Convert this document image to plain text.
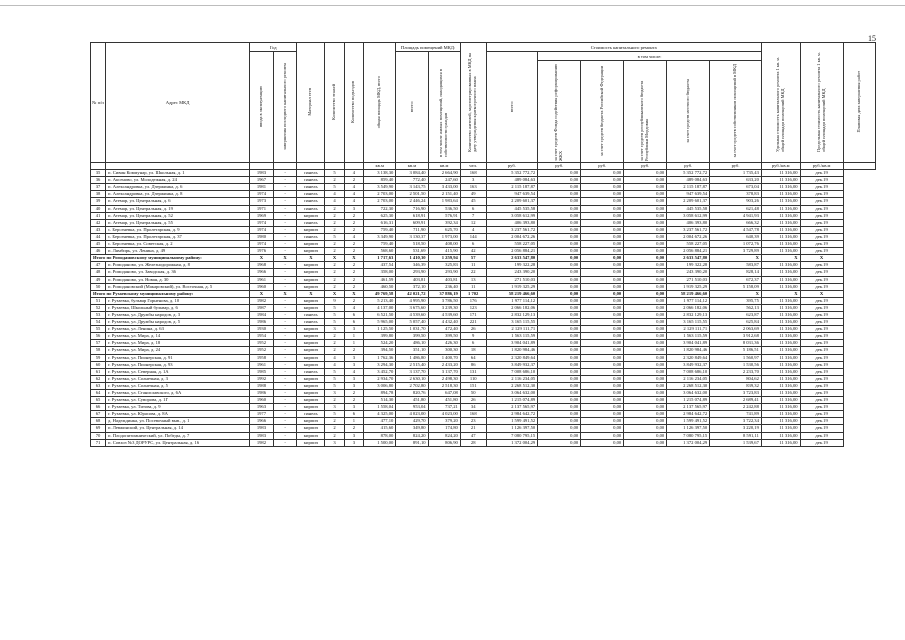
15
№ п/п	Адрес МКД	Год		Материал стен	Количество этажей	Количество подъездов	общая площадь МКД, всего	Площадь помещений МКД:		Количество жителей, зарегистрированных в МКД на дату утверждения краткосрочного плана	Стоимость капитального ремонта						Удельная стоимость капитального ремонта 1 кв. м. общей площади помещений МКД	Предельная стоимость капитального ремонта 1 кв. м. общей площади помещений МКД	Плановая дата завершения работ
		ввода в эксплуатацию	завершения последнего капитального ремонта					всего:	в том числе жилых помещений, находящихся в собственности граждан		всего:	в том числе:							
												за счет средств Фонда содействия реформированию ЖКХ	за счет средств бюджета Российской Федерации	за счет средств республиканского бюджета Республики Мордовия	за счет средств местного бюджета	за счет средств собственников помещений в МКД			
							кв.м	кв.м	кв.м	чел.	руб.	руб.	руб.	руб.	руб.	руб.	руб./кв.м	руб./кв.м	
35	п. Сивин Коммунар, ул. Школьная, д. 1	1983	-	панель	5	4	3 138,30	3 084,40	2 664,90	168	5 352 772,72	0,00	0,00	0,00	5 352 772,72	1 735,43	11 316,00	дек.19	
36	п. Аксеново, ул. Молодежная, д. 24	1967	-	панель	2	2	859,40	772,40	247,60	3	489 084,63	0,00	0,00	0,00	489 084,63	633,20	11 316,00	дек.19	
37	п. Александровка, ул. Дзержинка, д. 6	1981	-	панель	5	4	3 549,90	3 143,75	3 433,00	163	2 115 187,87	0,00	0,00	0,00	2 115 187,87	673,04	11 316,00	дек.19	
38	п. Александровка, ул. Дзержинка, д. 8	1974	-	панель	4	4	2 703,00	2 501,50	2 151,40	49	947 639,54	0,00	0,00	0,00	947 639,54	378,83	11 316,00	дек.19	
39	п. Атемар, ул. Центральная, д. 6	1973	-	панель	4	4	2 703,00	2 446,24	1 983,64	45	2 209 601,37	0,00	0,00	0,00	2 209 601,37	903,26	11 316,00	дек.19	
40	п. Атемар, ул. Центральная, д. 19	1971	-	панель	2	3	722,30	716,90	536,50	6	445 535,58	0,00	0,00	0,00	445 535,58	621,48	11 316,00	дек.19	
41	п. Атемар, ул. Центральная, д. 52	1969	-	кирпич	2	2	625,30	618,91	576,91	7	3 058 612,99	0,00	0,00	0,00	3 058 612,99	4 941,93	11 316,00	дек.19	
42	п. Атемар, ул. Центральная, д. 55	1974	-	панель	2	2	616,31	609,91	392,34	12	406 393,80	0,00	0,00	0,00	406 393,80	666,32	11 316,00	дек.19	
43	с. Берсеневка, ул. Пролетарская, д. 9	1974	-	кирпич	2	2	759,40	711,90	625,70	4	3 237 561,72	0,00	0,00	0,00	3 237 561,72	4 547,78	11 316,00	дек.19	
44	с. Берсеневка, ул. Пролетарская, д. 37	1980	-	панель	5	4	3 349,90	3 130,37	1 973,00	144	2 004 672,26	0,00	0,00	0,00	2 004 672,26	640,39	11 316,00	дек.19	
45	с. Берсеневка, ул. Советская, д. 2	1974	-	кирпич	2	2	759,40	518,50	408,00	6	558 227,05	0,00	0,00	0,00	558 227,05	1 072,76	11 316,00	дек.19	
46	п. Лямбирь, ул. Ленина, д. 49	1976	-	кирпич	2	2	568,60	531,69	415,90	42	2 056 884,21	0,00	0,00	0,00	2 056 884,21	3 729,89	11 316,00	дек.19	
Итого по Ромодановскому муниципальному району:		X	X	X	X	X	1 717,63	1 410,30	1 259,94	57	2 633 547,80	0,00	0,00	0,00	2 633 547,80	X	X	X	
47	п. Ромоданово, ул. Железнодорожная, д. 8	1968	-	кирпич	2	2	437,54	346,39	325,83	11	199 322,28	0,00	0,00	0,00	199 322,28	583,87	11 316,00	дек.19	
48	п. Ромоданово, ул. Заводская, д. 36	1966	-	кирпич	2	2	358,00	293,90	293,90	22	243 390,20	0,00	0,00	0,00	243 390,20	828,14	11 316,00	дек.19	
49	п. Ромоданово, ул. Новая, д. 30	1961	-	кирпич	2	2	461,59	403,81	403,81	13	271 510,03	0,00	0,00	0,00	271 510,03	672,37	11 316,00	дек.19	
50	п. Ромодановский (Макаровский), ул. Восточная, д. 5	1960	-	кирпич	2	2	460,50	372,10	236,40	11	1 919 325,29	0,00	0,00	0,00	1 919 325,29	5 158,09	11 316,00	дек.19	
Итого по Рузаевскому муниципальному району:		X	X	X	X	X	49 769,58	42 021,72	37 886,19	1 702	58 219 466,60	0,00	0,00	0,00	58 219 466,60	X	X	X	
51	г. Рузаевка, бульвар Горненова, д. 10	1982	-	кирпич	9	2	5 213,40	4 995,90	3 786,50	176	1 977 114,12	0,00	0,00	0,00	1 977 114,12	395,75	11 316,00	дек.19	
52	г. Рузаевка, Школьный бульвар, д. 6	1987	-	кирпич	5	4	4 137,00	3 675,60	3 239,30	123	2 066 182,06	0,00	0,00	0,00	2 066 182,06	562,13	11 316,00	дек.19	
53	г. Рузаевка, ул. Дружбы народов, д. 3	1984	-	панель	5	6	6 521,50	4 539,60	4 539,60	171	2 832 129,13	0,00	0,00	0,00	2 832 129,13	623,87	11 316,00	дек.19	
54	г. Рузаевка, ул. Дружбы народов, д. 5	1986	-	панель	5	6	5 965,00	5 057,40	4 432,40	221	3 165 115,55	0,00	0,00	0,00	3 165 115,55	625,84	11 316,00	дек.19	
55	г. Рузаевка, ул. Ленина, д. 63	1930	-	кирпич	3	3	1 125,50	1 031,70	472,40	26	2 129 111,71	0,00	0,00	0,00	2 129 111,71	2 063,69	11 316,00	дек.19	
56	г. Рузаевка, ул. Мира, д. 14	1954	-	кирпич	2	1	399,80	399,50	399,50	9	1 563 115,59	0,00	0,00	0,00	1 563 115,59	3 912,68	11 316,00	дек.19	
57	г. Рузаевка, ул. Мира, д. 18	1952	-	кирпич	2	1	524,20	486,10	426,30	6	3 904 041,89	0,00	0,00	0,00	3 904 041,89	8 031,36	11 316,00	дек.19	
58	г. Рузаевка, ул. Мира, д. 24	1952	-	кирпич	2	2	394,50	351,10	300,30	18	1 820 984,46	0,00	0,00	0,00	1 820 984,46	5 186,51	11 316,00	дек.19	
59	г. Рузаевка, ул. Пионерская, д. 91	1958	-	кирпич	4	3	1 762,36	1 486,80	1 400,70	64	2 320 849,64	0,00	0,00	0,00	2 320 849,64	1 560,97	11 316,00	дек.19	
60	г. Рузаевка, ул. Пионерская, д. 93	1961	-	кирпич	4	3	3 294,30	2 515,40	2 433,20	86	3 849 932,37	0,00	0,00	0,00	3 849 932,37	1 530,56	11 316,00	дек.19	
61	г. Рузаевка, ул. Северная, д. 1А	1985	-	панель	5	4	3 452,70	3 137,70	3 137,70	131	7 008 686,10	0,00	0,00	0,00	7 008 686,10	2 233,70	11 316,00	дек.19	
62	г. Рузаевка, ул. Солнечная, д. 3	1992	-	кирпич	5	3	2 934,70	2 630,10	2 498,30	110	2 116 234,05	0,00	0,00	0,00	2 116 234,05	804,62	11 316,00	дек.19	
63	г. Рузаевка, ул. Солнечная, д. 5	1988	-	кирпич	5	3	3 006,80	2 702,80	2 518,30	151	2 268 512,30	0,00	0,00	0,00	2 268 512,30	839,32	11 316,00	дек.19	
64	г. Рузаевка, ул. Станиславского, д. 6А	1986	-	кирпич	3	2	894,78	820,76	647,08	50	3 064 632,00	0,00	0,00	0,00	3 064 632,00	3 723,83	11 316,00	дек.19	
65	г. Рузаевка, ул. Суворова, д. 1Г	1960	-	кирпич	2	2	514,30	451,80	451,80	26	1 215 074,89	0,00	0,00	0,00	1 215 074,89	2 689,41	11 316,00	дек.19	
66	г. Рузаевка, ул. Титова, д. 9	1963	-	кирпич	3	3	1 558,04	953,04	737,21	34	2 137 565,97	0,00	0,00	0,00	2 137 565,97	2 242,88	11 316,00	дек.19	
67	г. Рузаевка, ул. Юрасова, д. 8А	1977	-	панель	5	6	4 325,00	4 023,00	4 023,00	168	2 984 642,72	0,00	0,00	0,00	2 984 642,72	741,89	11 316,00	дек.19	
68	д. Надеждинка, ул. Посевочный выв., д. 1	1966	-	кирпич	2	1	477,10	429,70	379,20	23	1 599 491,52	0,00	0,00	0,00	1 599 491,52	3 722,34	11 316,00	дек.19	
69	п. Левжинский, ул. Центральная, д. 14	1983	-	кирпич	2	2	415,60	349,80	174,80	21	1 126 397,50	0,00	0,00	0,00	1 126 397,50	3 220,19	11 316,00	дек.19	
70	п. Плодопитомнический, ул. Победы, д. 7	1983	-	кирпич	2	3	878,00	824,20	824,20	47	7 080 795,15	0,00	0,00	0,00	7 080 795,15	8 591,11	11 316,00	дек.19	
71	п. Совхоз №3 ДОРУРС, ул. Центральная, д. 16	1982	-	кирпич	3	3	1 500,00	891,10	806,90	28	1 372 004,29	0,00	0,00	0,00	1 372 004,29	1 539,67	11 316,00	дек.19	
